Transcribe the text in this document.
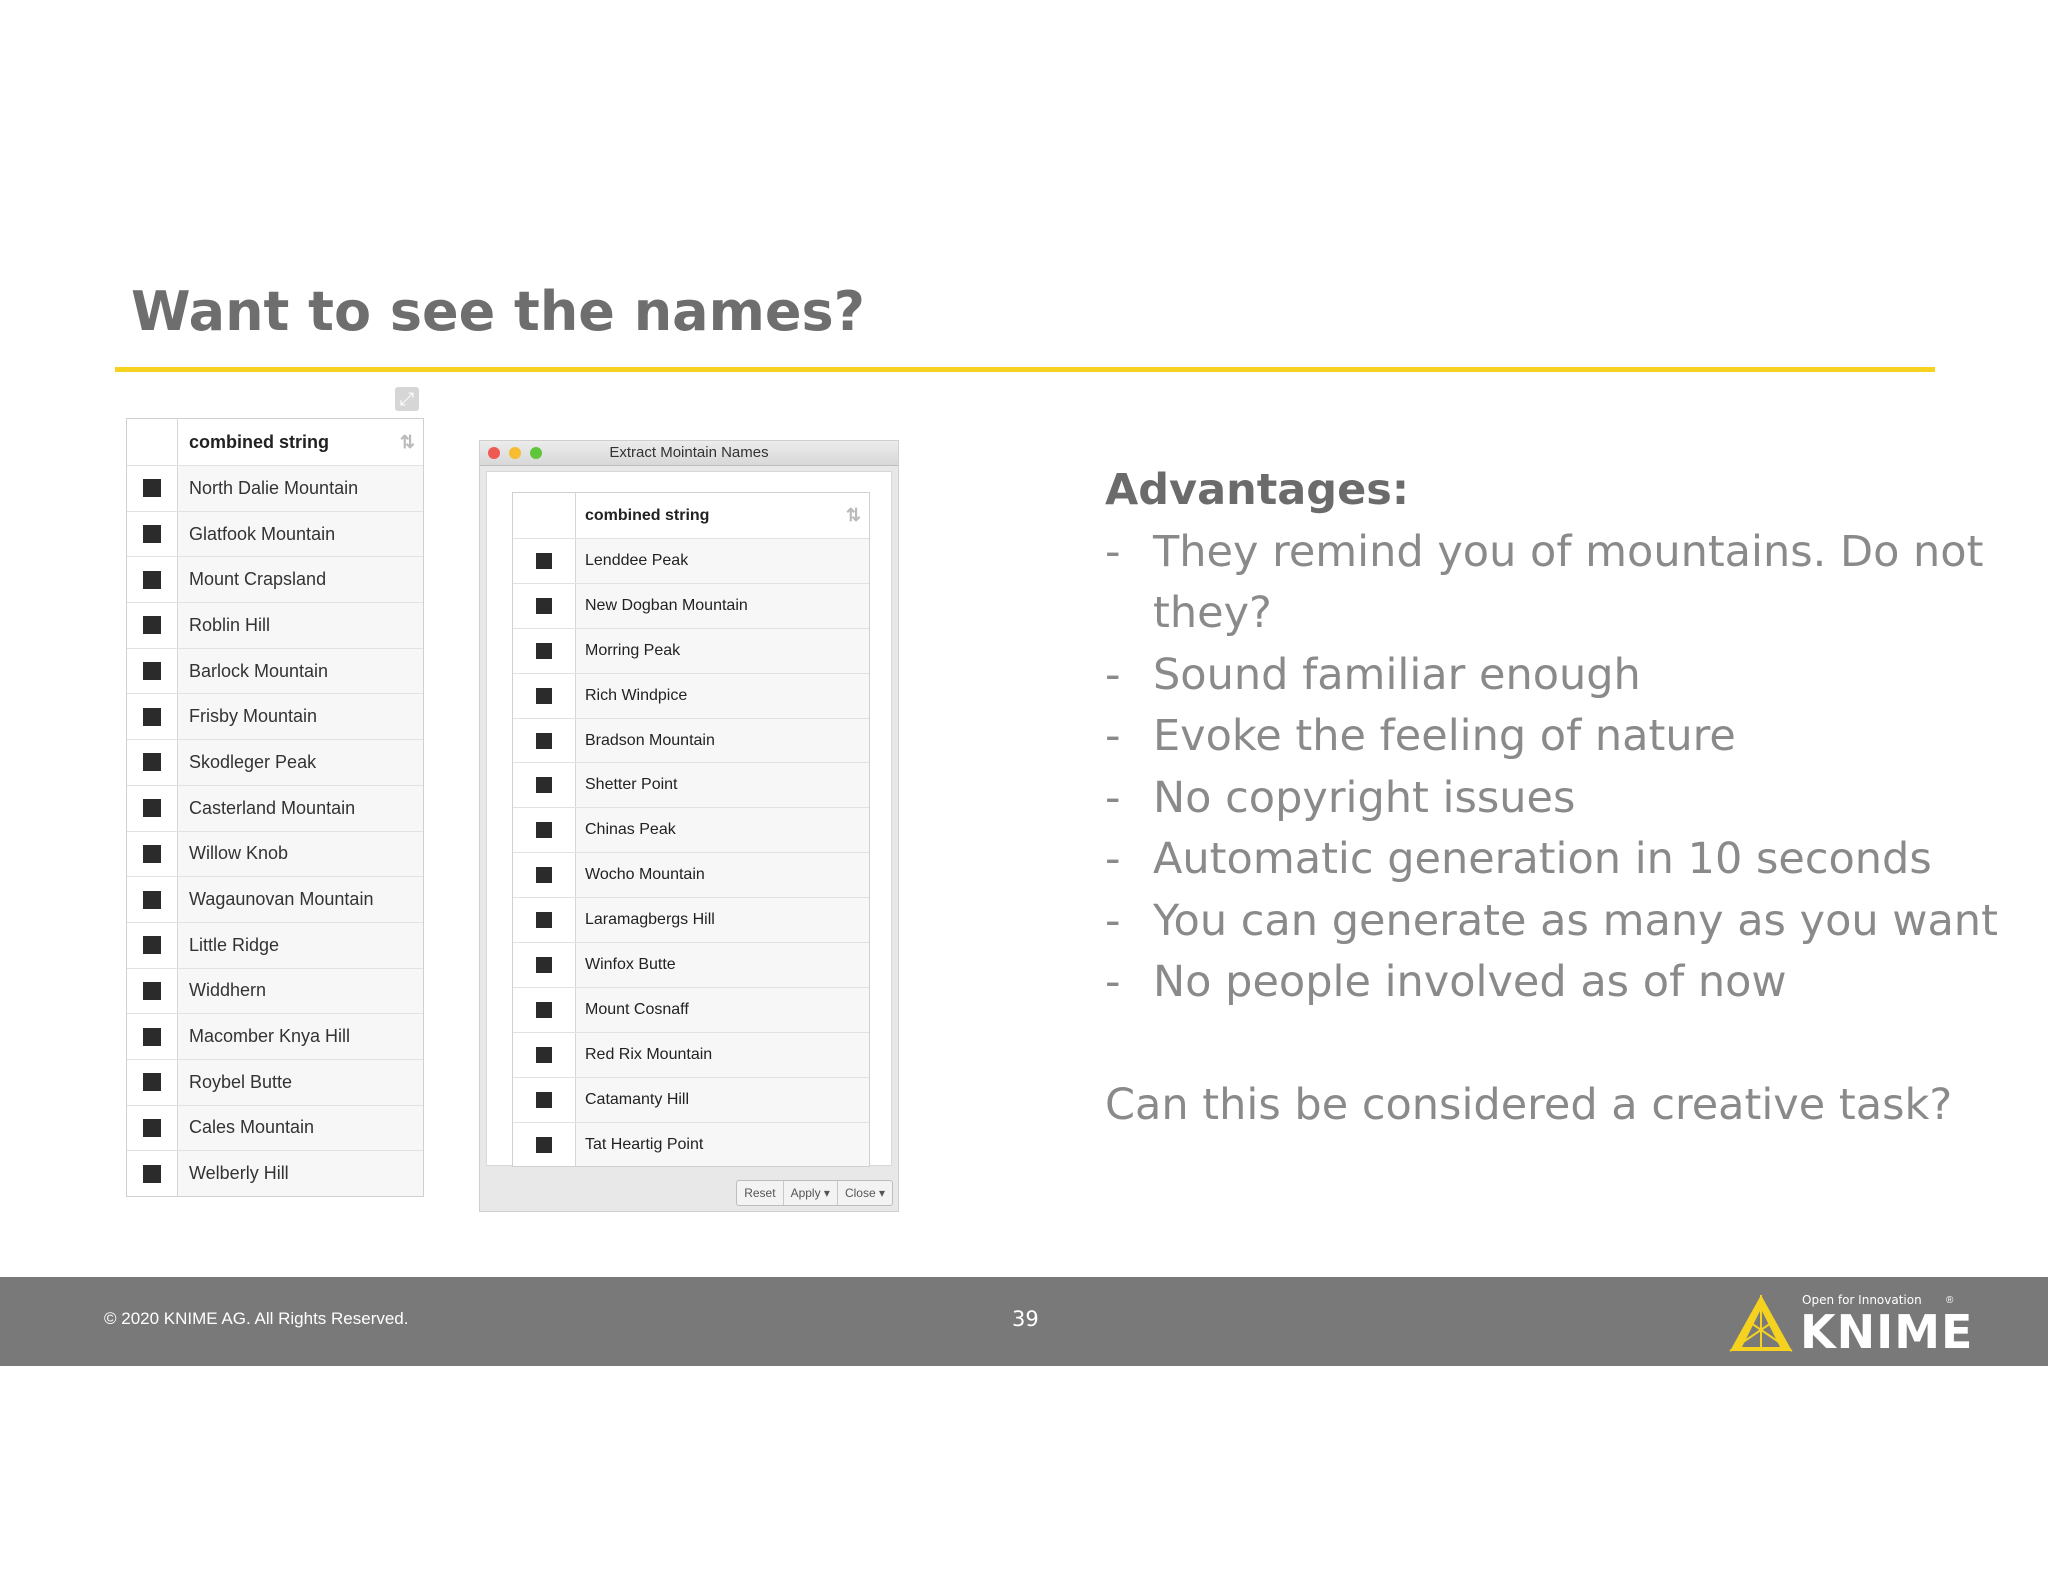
Want to see the names?
⤢
combined string	⇅
North Dalie Mountain
Glatfook Mountain
Mount Crapsland
Roblin Hill
Barlock Mountain
Frisby Mountain
Skodleger Peak
Casterland Mountain
Willow Knob
Wagaunovan Mountain
Little Ridge
Widdhern
Macomber Knya Hill
Roybel Butte
Cales Mountain
Welberly Hill
Extract Mointain Names
Reset	Apply ▾	Close ▾
combined string	⇅
Lenddee Peak
New Dogban Mountain
Morring Peak
Rich Windpice
Bradson Mountain
Shetter Point
Chinas Peak
Wocho Mountain
Laramagbergs Hill
Winfox Butte
Mount Cosnaff
Red Rix Mountain
Catamanty Hill
Tat Heartig Point
Advantages:
- They remind you of mountains. Do not they?
- Sound familiar enough
- Evoke the feeling of nature
- No copyright issues
- Automatic generation in 10 seconds
- You can generate as many as you want
- No people involved as of now
Can this be considered a creative task?
© 2020 KNIME AG. All Rights Reserved.	39
Open for Innovation ®
KNIME
